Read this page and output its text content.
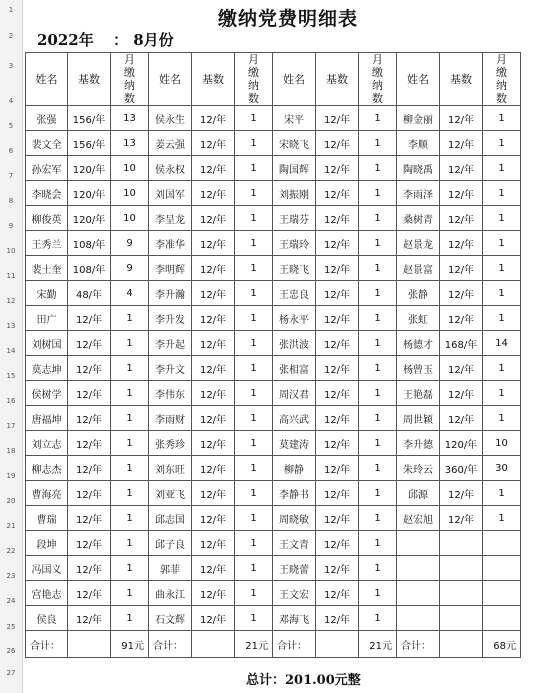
1
2
3
4
5
6
7
8
9
10
11
12
13
14
15
16
17
18
19
20
21
22
23
24
25
26
27
缴纳党费明细表
2022年 ： 8月份
姓名	基数	月缴纳数	姓名	基数	月缴纳数	姓名	基数	月缴纳数	姓名	基数	月缴纳数
张强	156/年	13	侯永生	12/年	1	宋平	12/年	1	柳金丽	12/年	1
裴文全	156/年	13	姜云强	12/年	1	宋晓飞	12/年	1	李顺	12/年	1
孙宏军	120/年	10	侯永权	12/年	1	陶国辉	12/年	1	陶晓禹	12/年	1
李晓会	120/年	10	刘国军	12/年	1	刘振刚	12/年	1	李雨泽	12/年	1
柳俊英	120/年	10	李呈龙	12/年	1	王瑞芬	12/年	1	桑树青	12/年	1
王秀兰	108/年	9	李准华	12/年	1	王瑞玲	12/年	1	赵景龙	12/年	1
裴士奎	108/年	9	李明辉	12/年	1	王晓飞	12/年	1	赵景富	12/年	1
宋勤	48/年	4	李升瀚	12/年	1	王忠良	12/年	1	张静	12/年	1
田广	12/年	1	李升发	12/年	1	杨永平	12/年	1	张虹	12/年	1
刘树国	12/年	1	李升起	12/年	1	张洪波	12/年	1	杨德才	168/年	14
莫志坤	12/年	1	李升文	12/年	1	张相富	12/年	1	杨曾玉	12/年	1
侯树学	12/年	1	李伟东	12/年	1	周汉君	12/年	1	王艳磊	12/年	1
唐福坤	12/年	1	李雨财	12/年	1	高兴武	12/年	1	周世颖	12/年	1
刘立志	12/年	1	张秀珍	12/年	1	莫建涛	12/年	1	李升德	120/年	10
柳志杰	12/年	1	刘东旺	12/年	1	柳静	12/年	1	朱玲云	360/年	30
曹海亮	12/年	1	刘亚飞	12/年	1	李静书	12/年	1	邱源	12/年	1
曹瑞	12/年	1	邱志国	12/年	1	周晓敏	12/年	1	赵宏旭	12/年	1
段坤	12/年	1	邱子良	12/年	1	王文青	12/年	1			
冯国义	12/年	1	郭菲	12/年	1	王晓蕾	12/年	1			
宫艳志	12/年	1	曲永江	12/年	1	王文宏	12/年	1			
侯良	12/年	1	石文辉	12/年	1	邓海飞	12/年	1			
合计：		91元	合计：		21元	合计：		21元	合计：		68元
总计：201.00元整
